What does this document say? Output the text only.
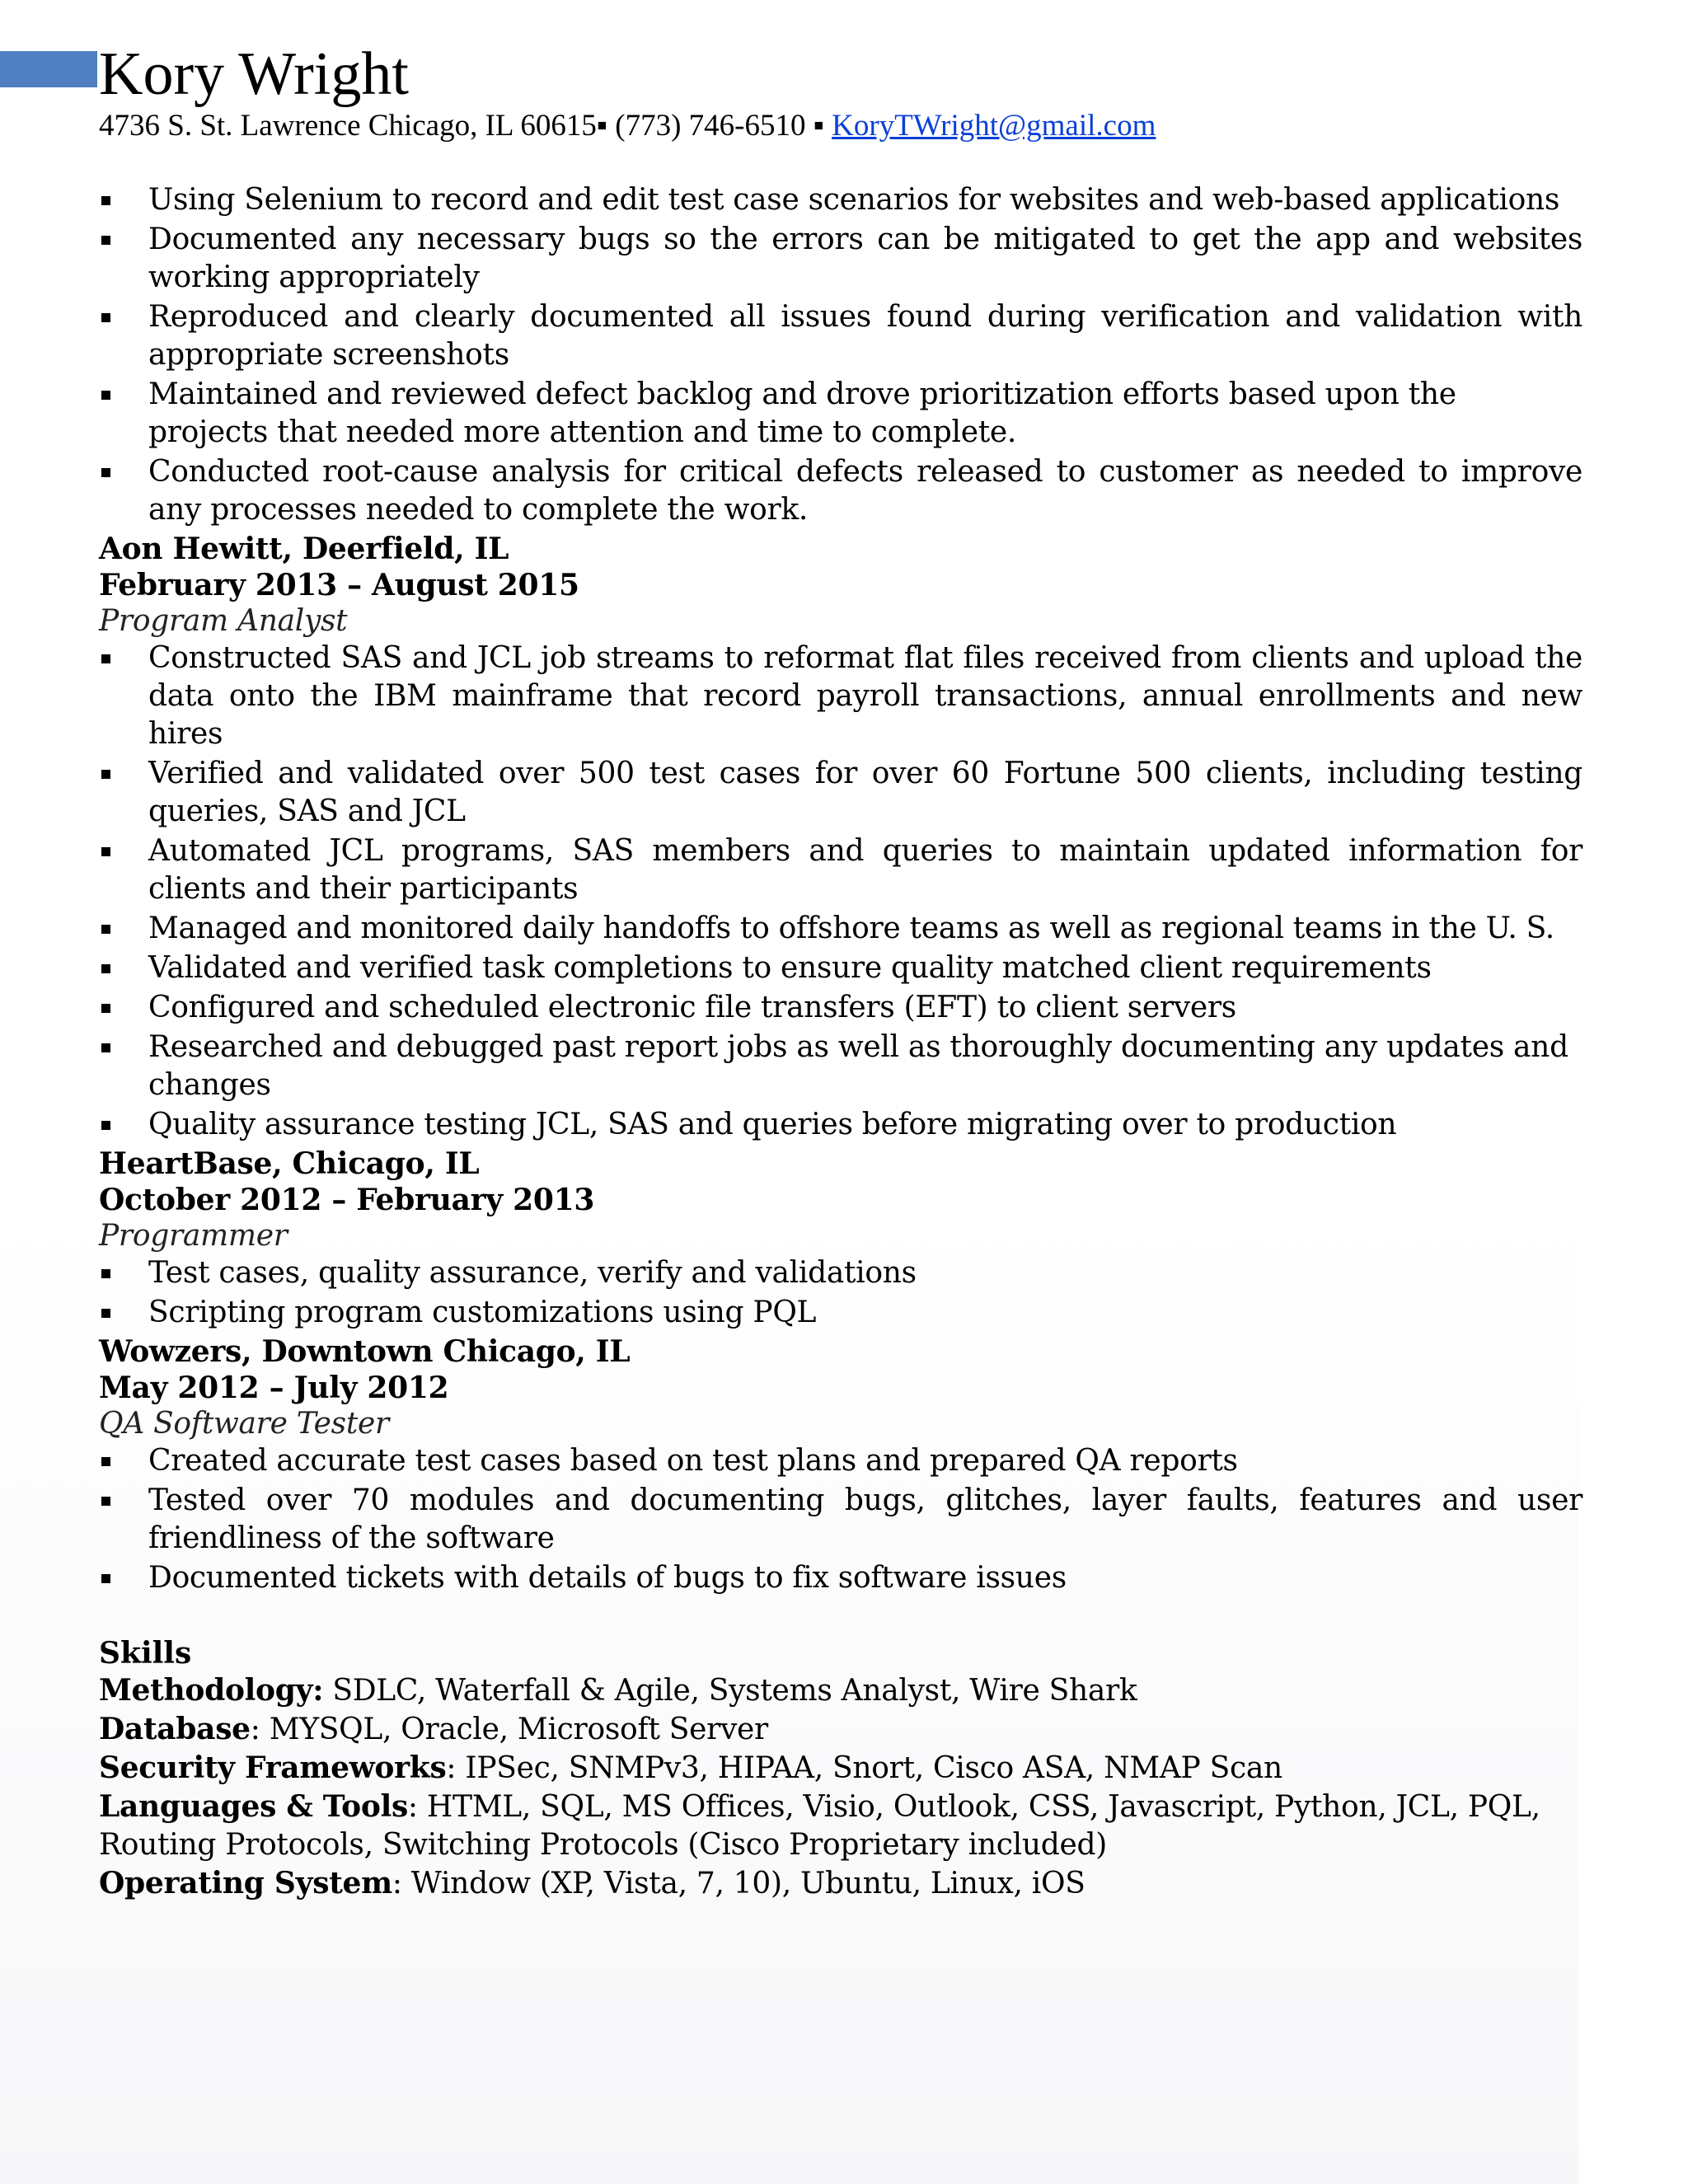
Kory Wright

4736 S. St. Lawrence Chicago, IL 60615▪ (773) 746-6510 ▪ KoryTWright@gmail.com

Using Selenium to record and edit test case scenarios for websites and web-based applications
Documented any necessary bugs so the errors can be mitigated to get the app and websites working appropriately
Reproduced and clearly documented all issues found during verification and validation with appropriate screenshots
Maintained and reviewed defect backlog and drove prioritization efforts based upon the projects that needed more attention and time to complete.
Conducted root-cause analysis for critical defects released to customer as needed to improve any processes needed to complete the work.

Aon Hewitt, Deerfield, IL

February 2013 – August 2015

Program Analyst

Constructed SAS and JCL job streams to reformat flat files received from clients and upload the data onto the IBM mainframe that record payroll transactions, annual enrollments and new hires
Verified and validated over 500 test cases for over 60 Fortune 500 clients, including testing queries, SAS and JCL
Automated JCL programs, SAS members and queries to maintain updated information for clients and their participants
Managed and monitored daily handoffs to offshore teams as well as regional teams in the U. S.
Validated and verified task completions to ensure quality matched client requirements
Configured and scheduled electronic file transfers (EFT) to client servers
Researched and debugged past report jobs as well as thoroughly documenting any updates and changes
Quality assurance testing JCL, SAS and queries before migrating over to production

HeartBase, Chicago, IL

October 2012 – February 2013

Programmer

Test cases, quality assurance, verify and validations
Scripting program customizations using PQL

Wowzers, Downtown Chicago, IL

May 2012 – July 2012

QA Software Tester

Created accurate test cases based on test plans and prepared QA reports
Tested over 70 modules and documenting bugs, glitches, layer faults, features and user friendliness of the software
Documented tickets with details of bugs to fix software issues

Skills

Methodology: SDLC, Waterfall & Agile, Systems Analyst, Wire Shark

Database: MYSQL, Oracle, Microsoft Server

Security Frameworks: IPSec, SNMPv3, HIPAA, Snort, Cisco ASA, NMAP Scan

Languages & Tools: HTML, SQL, MS Offices, Visio, Outlook, CSS, Javascript, Python, JCL, PQL, Routing Protocols, Switching Protocols (Cisco Proprietary included)

Operating System: Window (XP, Vista, 7, 10), Ubuntu, Linux, iOS
